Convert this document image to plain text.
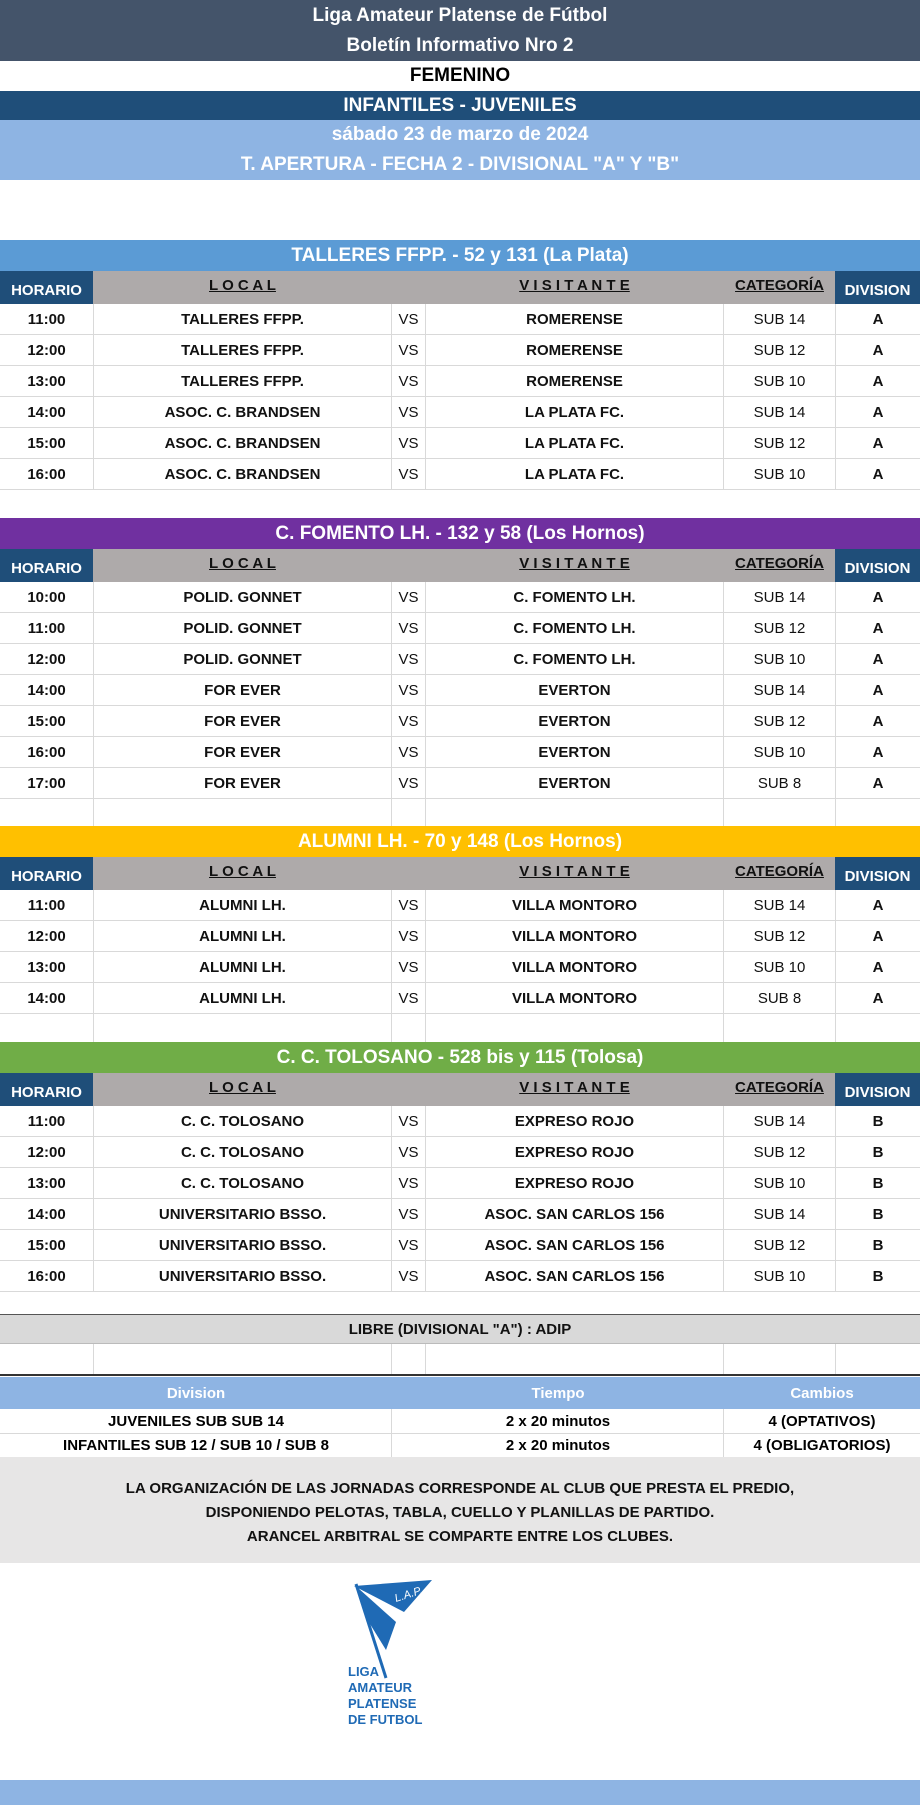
Liga Amateur Platense de Fútbol
Boletín Informativo Nro 2
FEMENINO
INFANTILES - JUVENILES
sábado 23 de marzo de 2024
T. APERTURA - FECHA 2 - DIVISIONAL "A" Y "B"
TALLERES FFPP. - 52 y 131 (La Plata)
HORARIO	L O C A L	V I S I T A N T E	CATEGORÍA	DIVISION
11:00	TALLERES FFPP.	VS	ROMERENSE	SUB 14	A
12:00	TALLERES FFPP.	VS	ROMERENSE	SUB 12	A
13:00	TALLERES FFPP.	VS	ROMERENSE	SUB 10	A
14:00	ASOC. C. BRANDSEN	VS	LA PLATA FC.	SUB 14	A
15:00	ASOC. C. BRANDSEN	VS	LA PLATA FC.	SUB 12	A
16:00	ASOC. C. BRANDSEN	VS	LA PLATA FC.	SUB 10	A
C. FOMENTO LH. - 132 y 58 (Los Hornos)
HORARIO	L O C A L	V I S I T A N T E	CATEGORÍA	DIVISION
10:00	POLID. GONNET	VS	C. FOMENTO LH.	SUB 14	A
11:00	POLID. GONNET	VS	C. FOMENTO LH.	SUB 12	A
12:00	POLID. GONNET	VS	C. FOMENTO LH.	SUB 10	A
14:00	FOR EVER	VS	EVERTON	SUB 14	A
15:00	FOR EVER	VS	EVERTON	SUB 12	A
16:00	FOR EVER	VS	EVERTON	SUB 10	A
17:00	FOR EVER	VS	EVERTON	SUB 8	A
ALUMNI LH. - 70 y 148 (Los Hornos)
HORARIO	L O C A L	V I S I T A N T E	CATEGORÍA	DIVISION
11:00	ALUMNI LH.	VS	VILLA MONTORO	SUB 14	A
12:00	ALUMNI LH.	VS	VILLA MONTORO	SUB 12	A
13:00	ALUMNI LH.	VS	VILLA MONTORO	SUB 10	A
14:00	ALUMNI LH.	VS	VILLA MONTORO	SUB 8	A
C. C. TOLOSANO - 528 bis y 115 (Tolosa)
HORARIO	L O C A L	V I S I T A N T E	CATEGORÍA	DIVISION
11:00	C. C. TOLOSANO	VS	EXPRESO ROJO	SUB 14	B
12:00	C. C. TOLOSANO	VS	EXPRESO ROJO	SUB 12	B
13:00	C. C. TOLOSANO	VS	EXPRESO ROJO	SUB 10	B
14:00	UNIVERSITARIO BSSO.	VS	ASOC. SAN CARLOS 156	SUB 14	B
15:00	UNIVERSITARIO BSSO.	VS	ASOC. SAN CARLOS 156	SUB 12	B
16:00	UNIVERSITARIO BSSO.	VS	ASOC. SAN CARLOS 156	SUB 10	B
LIBRE (DIVISIONAL "A") : ADIP
Division	Tiempo	Cambios
JUVENILES SUB SUB 14	2 x 20 minutos	4 (OPTATIVOS)
INFANTILES SUB 12 / SUB 10 / SUB 8	2 x 20 minutos	4 (OBLIGATORIOS)
LA ORGANIZACIÓN DE LAS JORNADAS CORRESPONDE AL CLUB QUE PRESTA EL PREDIO,
DISPONIENDO PELOTAS, TABLA, CUELLO Y PLANILLAS DE PARTIDO.
ARANCEL ARBITRAL SE COMPARTE ENTRE LOS CLUBES.
L.A.P.
LIGA
AMATEUR
PLATENSE
DE FUTBOL
